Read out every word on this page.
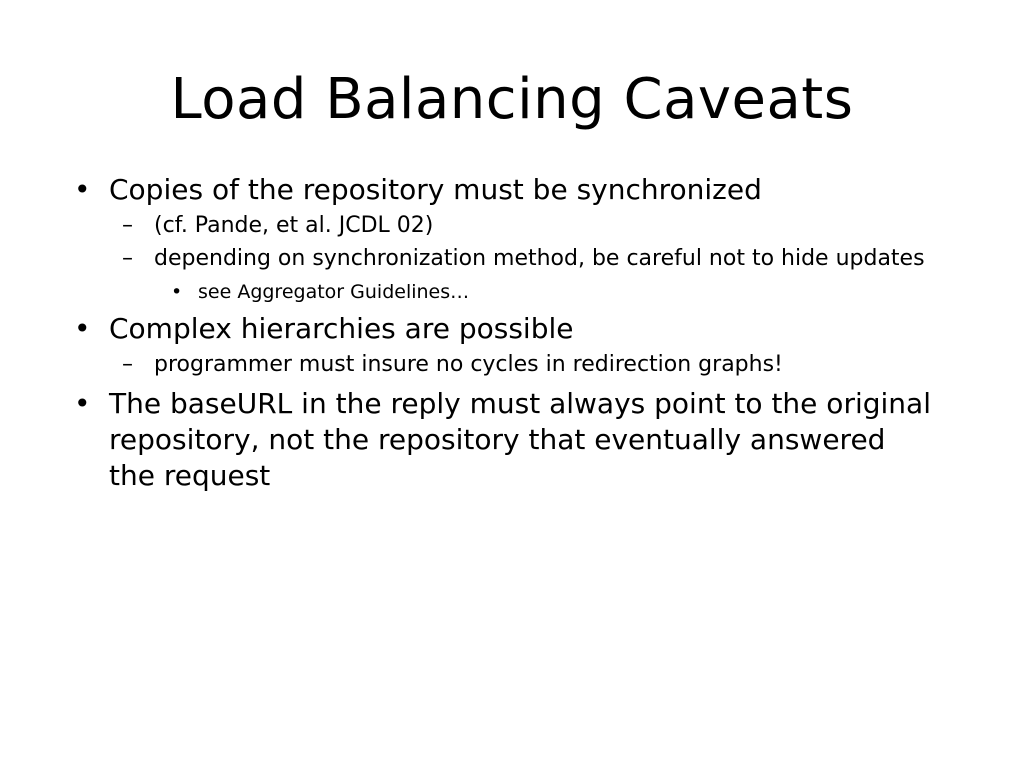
Load Balancing Caveats
• Copies of the repository must be synchronized
– (cf. Pande, et al. JCDL 02)
– depending on synchronization method, be careful not to hide updates
• see Aggregator Guidelines…
• Complex hierarchies are possible
– programmer must insure no cycles in redirection graphs!
• The baseURL in the reply must always point to the original repository, not the repository that eventually answered the request
